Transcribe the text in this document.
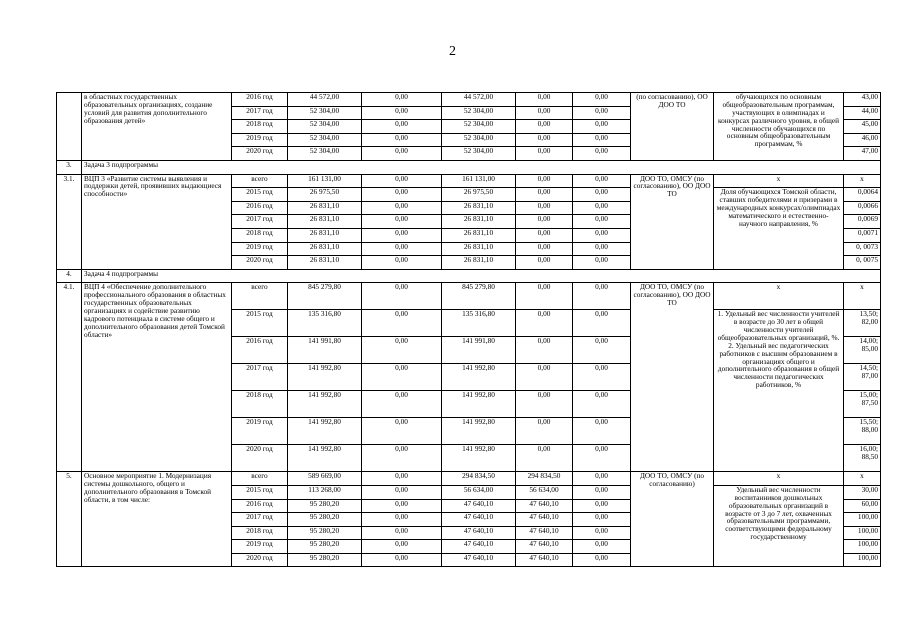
2
	в областных государственных образовательных организациях, создание условий для развития дополнительного образования детей»	2016 год	44 572,00	0,00	44 572,00	0,00	0,00	(по согласованию), ОО ДОО ТО	обучающихся по основным общеобразовательным программам, участвующих в олимпиадах и конкурсах различного уровня, в общей численности обучающихся по основным общеобразовательным программам, %	43,00
		2017 год	52 304,00	0,00	52 304,00	0,00	0,00			44,00
		2018 год	52 304,00	0,00	52 304,00	0,00	0,00			45,00
		2019 год	52 304,00	0,00	52 304,00	0,00	0,00			46,00
		2020 год	52 304,00	0,00	52 304,00	0,00	0,00			47,00
3.	Задача 3 подпрограммы									
3.1.	ВЦП 3 «Развитие системы выявления и поддержки детей, проявивших выдающиеся способности»	всего	161 131,00	0,00	161 131,00	0,00	0,00	ДОО ТО, ОМСУ (по согласованию), ОО ДОО ТО	х	х
		2015 год	26 975,50	0,00	26 975,50	0,00	0,00		Доля обучающихся Томской области, ставших победителями и призерами в международных конкурсах/олимпиадах математического и естественно-научного направления, %	0,0064
		2016 год	26 831,10	0,00	26 831,10	0,00	0,00			0,0066
		2017 год	26 831,10	0,00	26 831,10	0,00	0,00			0,0069
		2018 год	26 831,10	0,00	26 831,10	0,00	0,00			0,0071
		2019 год	26 831,10	0,00	26 831,10	0,00	0,00			0, 0073
		2020 год	26 831,10	0,00	26 831,10	0,00	0,00			0, 0075
4.	Задача 4 подпрограммы									
4.1.	ВЦП 4 «Обеспечение дополнительного профессионального образования в областных государственных образовательных организациях и содействие развитию кадрового потенциала в системе общего и дополнительного образования детей Томской области»	всего	845 279,80	0,00	845 279,80	0,00	0,00	ДОО ТО, ОМСУ (по согласованию), ОО ДОО ТО	х	х
		2015 год	135 316,80	0,00	135 316,80	0,00	0,00		1. Удельный вес численности учителей в возрасте до 30 лет в общей численности учителей общеобразовательных организаций, %. 2. Удельный вес педагогических работников с высшим образованием в организациях общего и дополнительного образования в общей численности педагогических работников, %	13,50;
82,00

		2016 год	141 991,80	0,00	141 991,80	0,00	0,00			14,00;
85,00

		2017 год	141 992,80	0,00	141 992,80	0,00	0,00			14,50;
87,00

		2018 год	141 992,80	0,00	141 992,80	0,00	0,00			15,00;
87,50

		2019 год	141 992,80	0,00	141 992,80	0,00	0,00			15,50;
88,00

		2020 год	141 992,80	0,00	141 992,80	0,00	0,00			16,00;
88,50

5.	Основное мероприятие 1. Модернизация системы дошкольного, общего и дополнительного образования в Томской области, в том числе:	всего	589 669,00	0,00	294 834,50	294 834,50	0,00	ДОО ТО, ОМСУ (по согласованию)	х	х
		2015 год	113 268,00	0,00	56 634,00	56 634,00	0,00		Удельный вес численности воспитанников дошкольных образовательных организаций в возрасте от 3 до 7 лет, охваченных образовательными программами, соответствующими федеральному государственному	30,00
		2016 год	95 280,20	0,00	47 640,10	47 640,10	0,00			60,00
		2017 год	95 280,20	0,00	47 640,10	47 640,10	0,00			100,00
		2018 год	95 280,20	0,00	47 640,10	47 640,10	0,00			100,00
		2019 год	95 280,20	0,00	47 640,10	47 640,10	0,00			100,00
		2020 год	95 280,20	0,00	47 640,10	47 640,10	0,00			100,00
